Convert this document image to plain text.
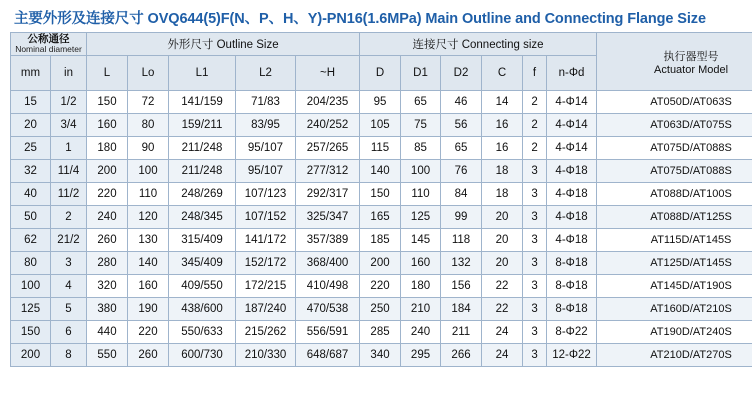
主要外形及连接尺寸 OVQ644(5)F(N、P、H、Y)-PN16(1.6MPa) Main Outline and Connecting Flange Size
公称通径
Nominal diameter		外形尺寸 Outline Size					连接尺寸 Connecting size						执行器型号
Actuator Model

mm	in	L	Lo	L1	L2	~H	D	D1	D2	C	f	n-Φd	
15	1/2	150	72	141/159	71/83	204/235	95	65	46	14	2	4-Φ14	AT050D/AT063S
20	3/4	160	80	159/211	83/95	240/252	105	75	56	16	2	4-Φ14	AT063D/AT075S
25	1	180	90	211/248	95/107	257/265	115	85	65	16	2	4-Φ14	AT075D/AT088S
32	11/4	200	100	211/248	95/107	277/312	140	100	76	18	3	4-Φ18	AT075D/AT088S
40	11/2	220	110	248/269	107/123	292/317	150	110	84	18	3	4-Φ18	AT088D/AT100S
50	2	240	120	248/345	107/152	325/347	165	125	99	20	3	4-Φ18	AT088D/AT125S
62	21/2	260	130	315/409	141/172	357/389	185	145	118	20	3	4-Φ18	AT115D/AT145S
80	3	280	140	345/409	152/172	368/400	200	160	132	20	3	8-Φ18	AT125D/AT145S
100	4	320	160	409/550	172/215	410/498	220	180	156	22	3	8-Φ18	AT145D/AT190S
125	5	380	190	438/600	187/240	470/538	250	210	184	22	3	8-Φ18	AT160D/AT210S
150	6	440	220	550/633	215/262	556/591	285	240	211	24	3	8-Φ22	AT190D/AT240S
200	8	550	260	600/730	210/330	648/687	340	295	266	24	3	12-Φ22	AT210D/AT270S
